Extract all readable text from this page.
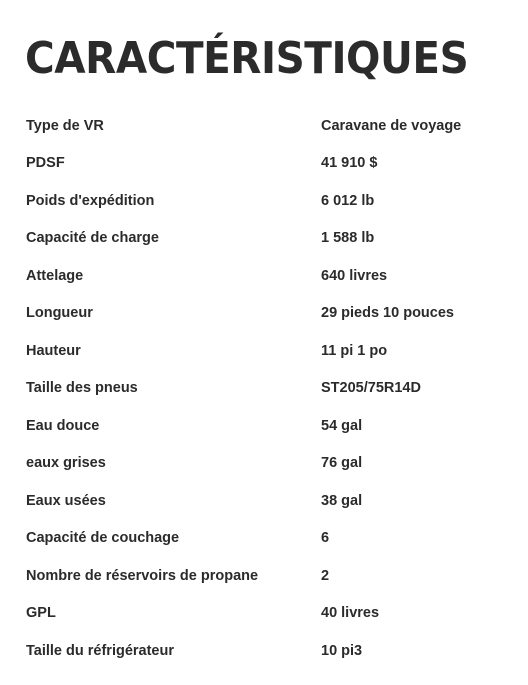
CARACTÉRISTIQUES
Type de VR	Caravane de voyage
PDSF	41 910 $
Poids d'expédition	6 012 lb
Capacité de charge	1 588 lb
Attelage	640 livres
Longueur	29 pieds 10 pouces
Hauteur	11 pi 1 po
Taille des pneus	ST205/75R14D
Eau douce	54 gal
eaux grises	76 gal
Eaux usées	38 gal
Capacité de couchage	6
Nombre de réservoirs de propane	2
GPL	40 livres
Taille du réfrigérateur	10 pi3
